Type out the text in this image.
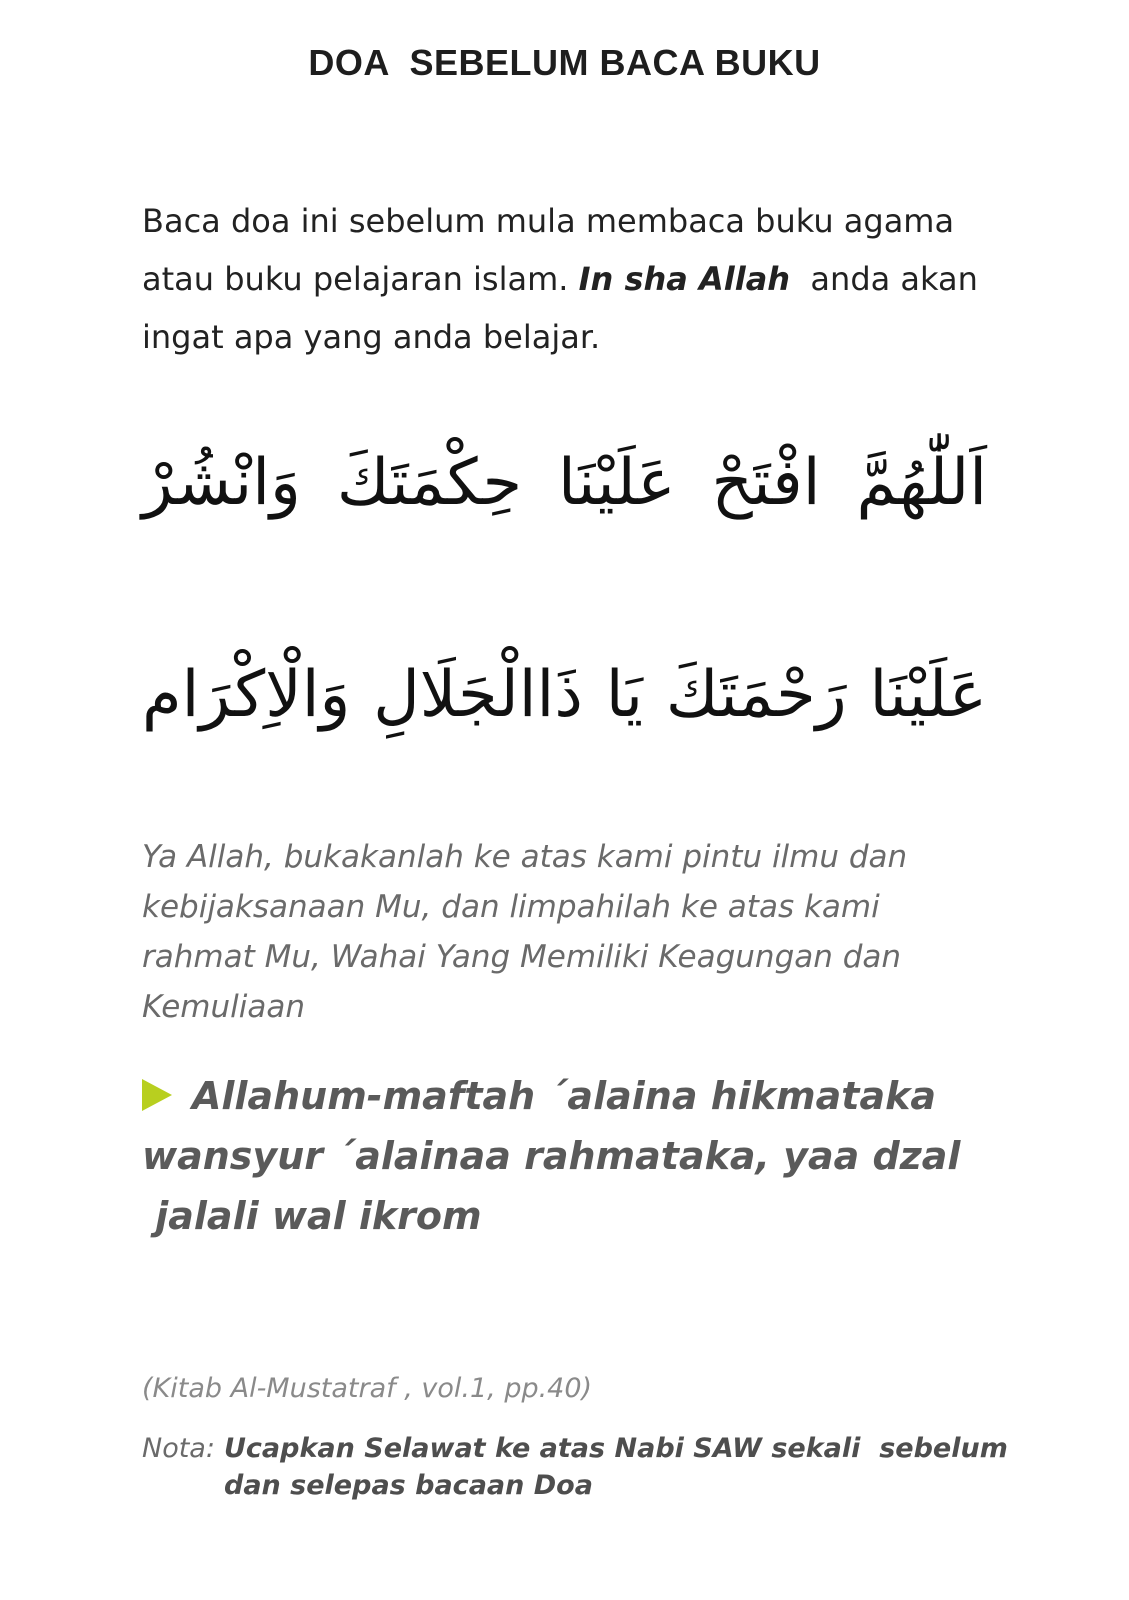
DOA  SEBELUM BACA BUKU
Baca doa ini sebelum mula membaca buku agama
atau buku pelajaran islam. In sha Allah  anda akan
ingat apa yang anda belajar.
اَللّٰهُمَّ افْتَحْ عَلَيْنَا حِكْمَتَكَ وَانْشُرْ
عَلَيْنَا رَحْمَتَكَ يَا ذَاالْجَلَالِ وَالْاِكْرَام
Ya Allah, bukakanlah ke atas kami pintu ilmu dan
kebijaksanaan Mu, dan limpahilah ke atas kami
rahmat Mu, Wahai Yang Memiliki Keagungan dan
Kemuliaan
Allahum-maftah ´alaina hikmataka
wansyur ´alainaa rahmataka, yaa dzal
jalali wal ikrom
(Kitab Al-Mustatraf , vol.1, pp.40)
Nota: Ucapkan Selawat ke atas Nabi SAW sekali  sebelum
dan selepas bacaan Doa
